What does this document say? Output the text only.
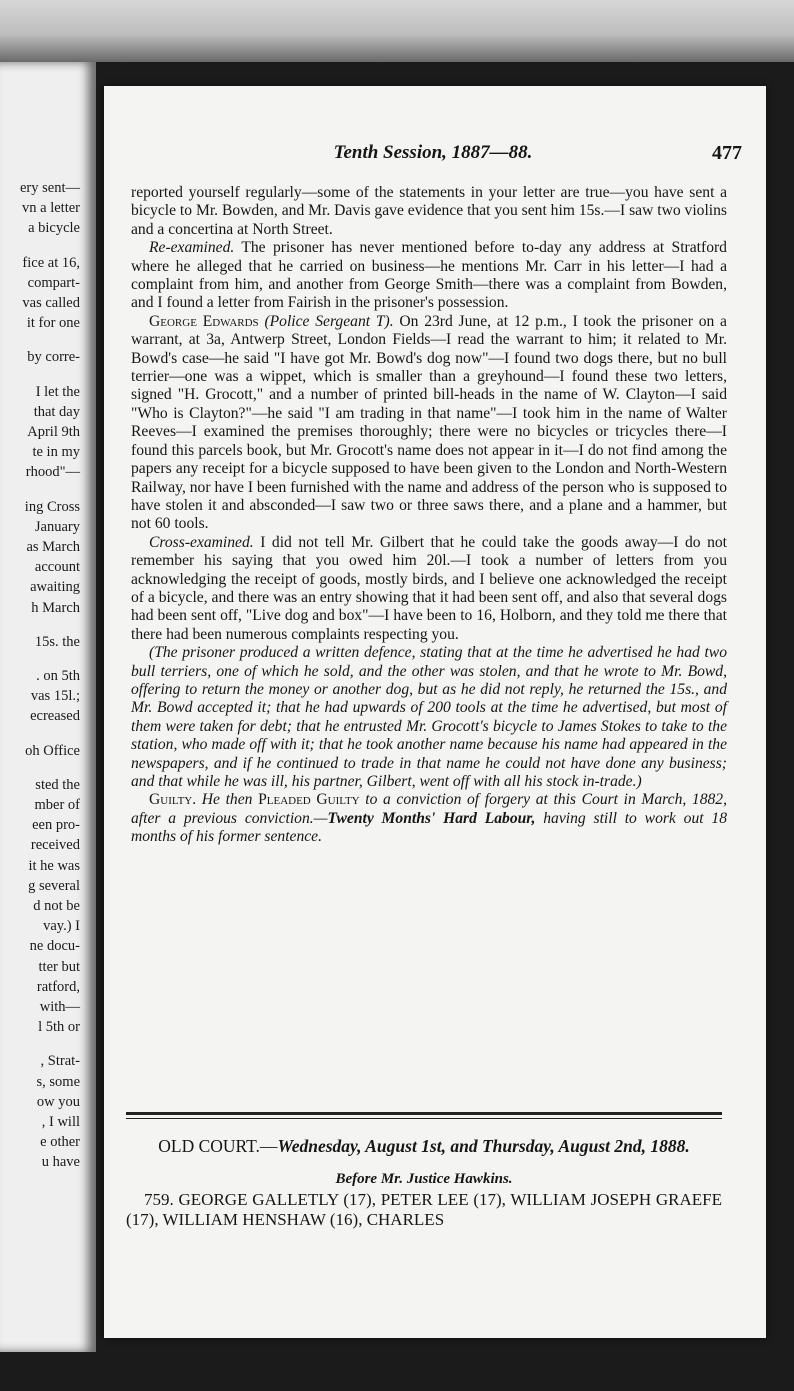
ery sent—
vn a letter
a bicycle
fice at 16,
compart-
vas called
it for one
by corre-
I let the
that day
April 9th
te in my
rhood"—
ing Cross
January
as March
account
awaiting
h March
15s. the
. on 5th
vas 15l.;
ecreased
oh Office
sted the
mber of
een pro-
received
it he was
g several
d not be
vay.) I
ne docu-
tter but
ratford,
with—
l 5th or
, Strat-
s, some
ow you
, I will
e other
u have
Tenth Session, 1887—88.	477

reported yourself regularly—some of the statements in your letter are true—you have sent a bicycle to Mr. Bowden, and Mr. Davis gave evidence that you sent him 15s.—I saw two violins and a concertina at North Street.

Re-examined. The prisoner has never mentioned before to-day any address at Stratford where he alleged that he carried on business—he mentions Mr. Carr in his letter—I had a complaint from him, and another from George Smith—there was a complaint from Bowden, and I found a letter from Fairish in the prisoner's possession.

George Edwards (Police Sergeant T). On 23rd June, at 12 p.m., I took the prisoner on a warrant, at 3a, Antwerp Street, London Fields—I read the warrant to him; it related to Mr. Bowd's case—he said "I have got Mr. Bowd's dog now"—I found two dogs there, but no bull terrier—one was a wippet, which is smaller than a greyhound—I found these two letters, signed "H. Grocott," and a number of printed bill-heads in the name of W. Clayton—I said "Who is Clayton?"—he said "I am trading in that name"—I took him in the name of Walter Reeves—I examined the premises thoroughly; there were no bicycles or tricycles there—I found this parcels book, but Mr. Grocott's name does not appear in it—I do not find among the papers any receipt for a bicycle supposed to have been given to the London and North-Western Railway, nor have I been furnished with the name and address of the person who is supposed to have stolen it and absconded—I saw two or three saws there, and a plane and a hammer, but not 60 tools.

Cross-examined. I did not tell Mr. Gilbert that he could take the goods away—I do not remember his saying that you owed him 20l.—I took a number of letters from you acknowledging the receipt of goods, mostly birds, and I believe one acknowledged the receipt of a bicycle, and there was an entry showing that it had been sent off, and also that several dogs had been sent off, "Live dog and box"—I have been to 16, Holborn, and they told me there that there had been numerous complaints respecting you.

(The prisoner produced a written defence, stating that at the time he advertised he had two bull terriers, one of which he sold, and the other was stolen, and that he wrote to Mr. Bowd, offering to return the money or another dog, but as he did not reply, he returned the 15s., and Mr. Bowd accepted it; that he had upwards of 200 tools at the time he advertised, but most of them were taken for debt; that he entrusted Mr. Grocott's bicycle to James Stokes to take to the station, who made off with it; that he took another name because his name had appeared in the newspapers, and if he continued to trade in that name he could not have done any business; and that while he was ill, his partner, Gilbert, went off with all his stock in-trade.)

Guilty. He then Pleaded Guilty to a conviction of forgery at this Court in March, 1882, after a previous conviction.—Twenty Months' Hard Labour, having still to work out 18 months of his former sentence.

OLD COURT.—Wednesday, August 1st, and Thursday, August 2nd, 1888.
Before Mr. Justice Hawkins.
759. GEORGE GALLETLY (17), PETER LEE (17), WILLIAM JOSEPH GRAEFE (17), WILLIAM HENSHAW (16), CHARLES
